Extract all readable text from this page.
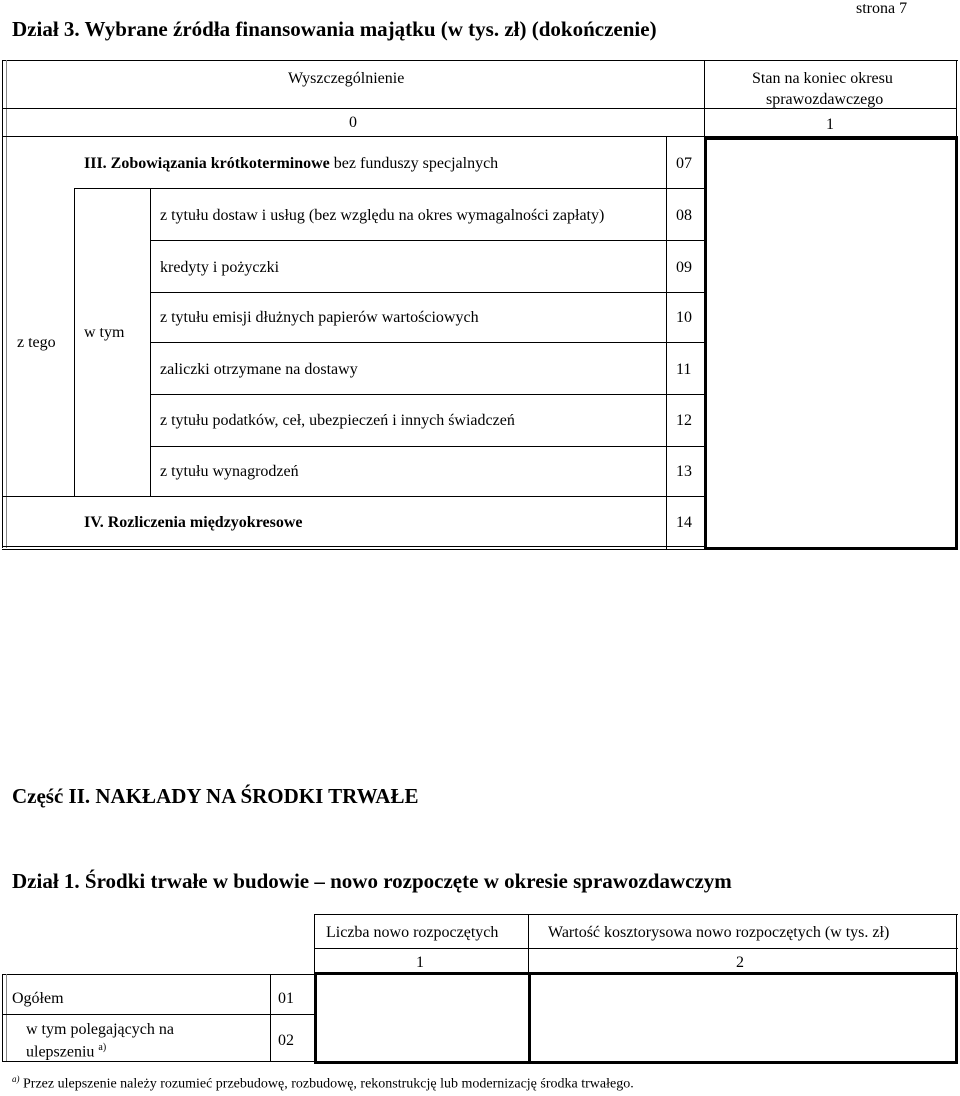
Dział 3. Wybrane źródła finansowania majątku (w tys. zł) (dokończenie)
strona 7
Wyszczególnienie	Stan na koniec okresu
sprawozdawczego
0	1
III. Zobowiązania krótkoterminowe bez funduszy specjalnych	07
z tego
w tym
z tytułu dostaw i usług (bez względu na okres wymagalności zapłaty)	08
kredyty i pożyczki	09
z tytułu emisji dłużnych papierów wartościowych	10
zaliczki otrzymane na dostawy	11
z tytułu podatków, ceł, ubezpieczeń i innych świadczeń	12
z tytułu wynagrodzeń	13
IV. Rozliczenia międzyokresowe	14
Część II. NAKŁADY NA ŚRODKI TRWAŁE
Dział 1. Środki trwałe w budowie – nowo rozpoczęte w okresie sprawozdawczym
Liczba nowo rozpoczętych	Wartość kosztorysowa nowo rozpoczętych (w tys. zł)
1	2
Ogółem	01
w tym polegających na
ulepszeniu $^{a)}$	02
$^{a)}$ Przez ulepszenie należy rozumieć przebudowę, rozbudowę, rekonstrukcję lub modernizację środka trwałego.
